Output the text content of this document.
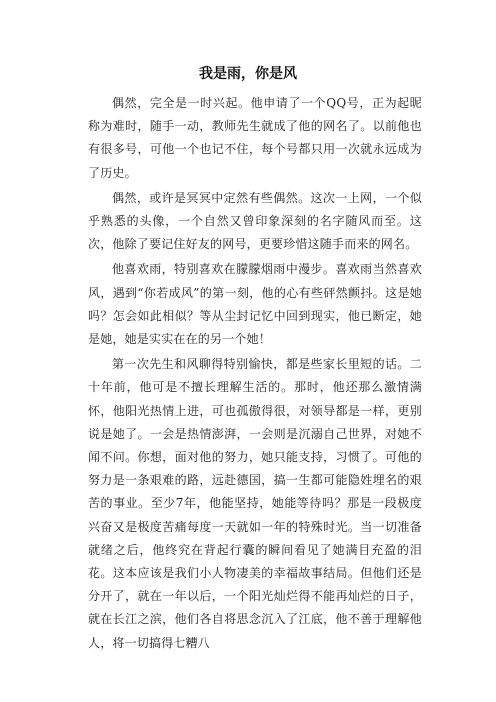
我是雨，你是风

偶然，完全是一时兴起。他申请了一个QQ号，正为起昵称为难时，随手一动，教师先生就成了他的网名了。以前他也有很多号，可他一个也记不住，每个号都只用一次就永远成为了历史。

偶然，或许是冥冥中定然有些偶然。这次一上网，一个似乎熟悉的头像，一个自然又曾印象深刻的名字随风而至。这次，他除了要记住好友的网号，更要珍惜这随手而来的网名。

他喜欢雨，特别喜欢在朦朦烟雨中漫步。喜欢雨当然喜欢风，遇到“你若成风”的第一刻，他的心有些砰然颤抖。这是她吗？怎会如此相似？等从尘封记忆中回到现实，他已断定，她是她，她是实实在在的另一个她！

第一次先生和风聊得特别愉快，都是些家长里短的话。二十年前，他可是不擅长理解生活的。那时，他还那么激情满怀，他阳光热情上进，可也孤傲得很，对领导都是一样，更别说是她了。一会是热情澎湃，一会则是沉溺自己世界，对她不闻不问。你想，面对他的努力，她只能支持，习惯了。可他的努力是一条艰难的路，远赴德国，搞一生都可能隐姓埋名的艰苦的事业。至少7年，他能坚持，她能等待吗？那是一段极度兴奋又是极度苦痛每度一天就如一年的特殊时光。当一切准备就绪之后，他终究在背起行囊的瞬间看见了她满目充盈的泪花。这本应该是我们小人物凄美的幸福故事结局。但他们还是分开了，就在一年以后，一个阳光灿烂得不能再灿烂的日子，就在长江之滨，他们各自将思念沉入了江底，他不善于理解他人，将一切搞得七糟八
